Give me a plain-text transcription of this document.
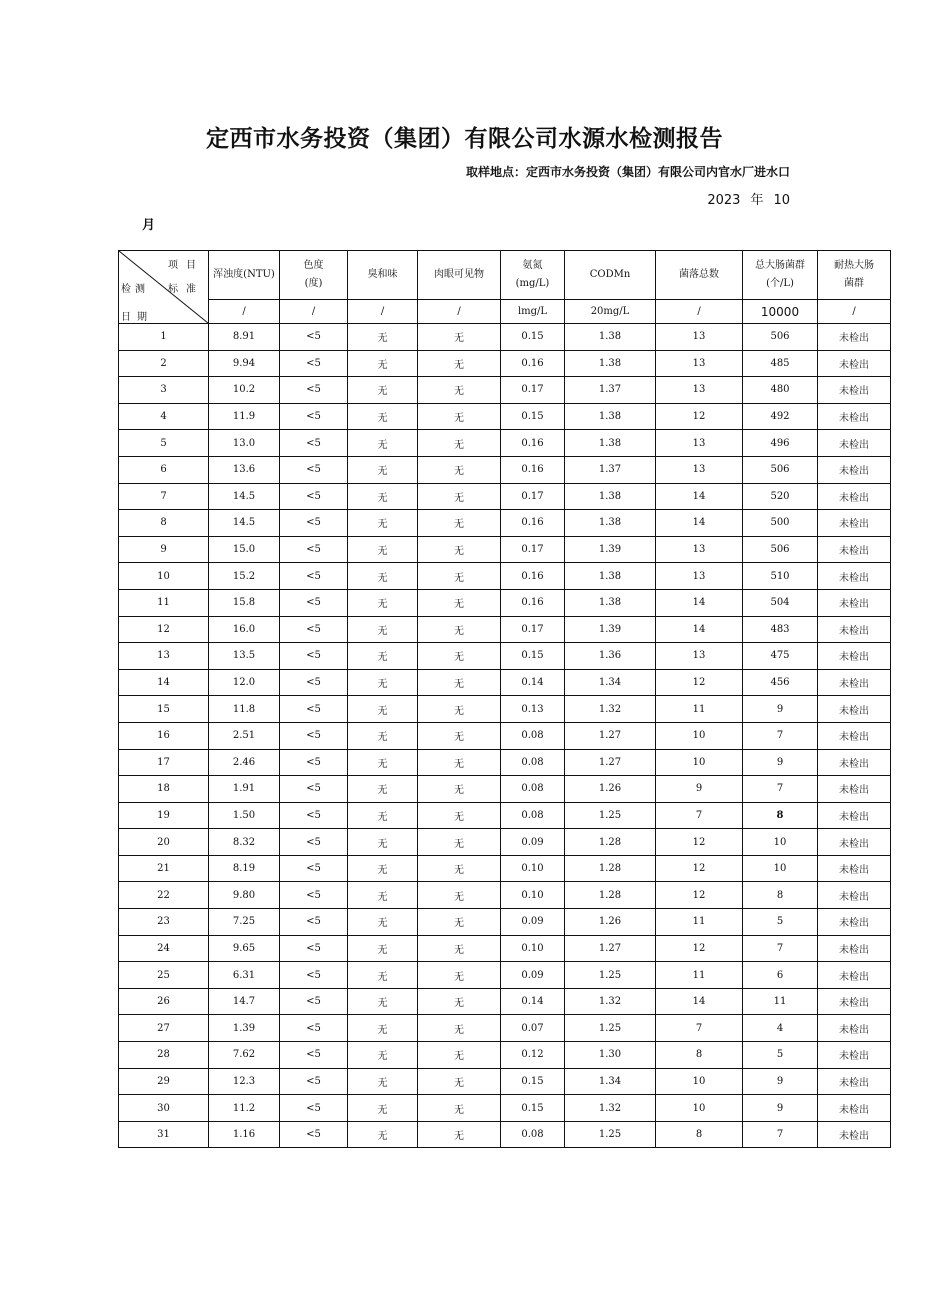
定西市水务投资（集团）有限公司水源水检测报告
取样地点：定西市水务投资（集团）有限公司内官水厂进水口
2023 年 10
月
项目
标准
检测
日期	浑浊度(NTU)	色度(度)	臭和味	肉眼可见物	氨氮(mg/L)	CODMn	菌落总数	总大肠菌群(个/L)	耐热大肠菌群
	/	/	/	/	lmg/L	20mg/L	/	10000	/
1	8.91	<5	无	无	0.15	1.38	13	506	未检出
2	9.94	<5	无	无	0.16	1.38	13	485	未检出
3	10.2	<5	无	无	0.17	1.37	13	480	未检出
4	11.9	<5	无	无	0.15	1.38	12	492	未检出
5	13.0	<5	无	无	0.16	1.38	13	496	未检出
6	13.6	<5	无	无	0.16	1.37	13	506	未检出
7	14.5	<5	无	无	0.17	1.38	14	520	未检出
8	14.5	<5	无	无	0.16	1.38	14	500	未检出
9	15.0	<5	无	无	0.17	1.39	13	506	未检出
10	15.2	<5	无	无	0.16	1.38	13	510	未检出
11	15.8	<5	无	无	0.16	1.38	14	504	未检出
12	16.0	<5	无	无	0.17	1.39	14	483	未检出
13	13.5	<5	无	无	0.15	1.36	13	475	未检出
14	12.0	<5	无	无	0.14	1.34	12	456	未检出
15	11.8	<5	无	无	0.13	1.32	11	9	未检出
16	2.51	<5	无	无	0.08	1.27	10	7	未检出
17	2.46	<5	无	无	0.08	1.27	10	9	未检出
18	1.91	<5	无	无	0.08	1.26	9	7	未检出
19	1.50	<5	无	无	0.08	1.25	7	8	未检出
20	8.32	<5	无	无	0.09	1.28	12	10	未检出
21	8.19	<5	无	无	0.10	1.28	12	10	未检出
22	9.80	<5	无	无	0.10	1.28	12	8	未检出
23	7.25	<5	无	无	0.09	1.26	11	5	未检出
24	9.65	<5	无	无	0.10	1.27	12	7	未检出
25	6.31	<5	无	无	0.09	1.25	11	6	未检出
26	14.7	<5	无	无	0.14	1.32	14	11	未检出
27	1.39	<5	无	无	0.07	1.25	7	4	未检出
28	7.62	<5	无	无	0.12	1.30	8	5	未检出
29	12.3	<5	无	无	0.15	1.34	10	9	未检出
30	11.2	<5	无	无	0.15	1.32	10	9	未检出
31	1.16	<5	无	无	0.08	1.25	8	7	未检出
